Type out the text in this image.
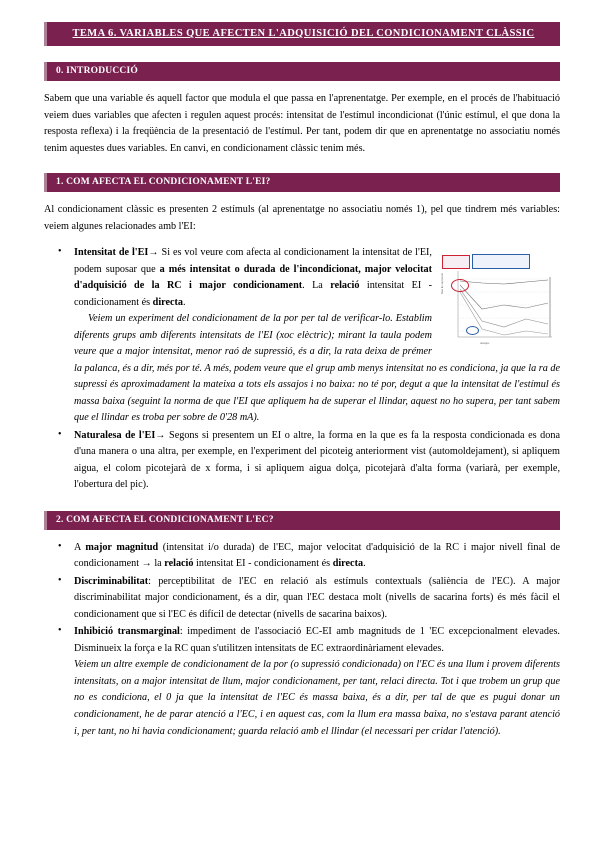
TEMA 6. VARIABLES QUE AFECTEN L'ADQUISICIÓ DEL CONDICIONAMENT CLÀSSIC
0. INTRODUCCIÓ

Sabem que una variable és aquell factor que modula el que passa en l'aprenentatge. Per exemple, en el procés de l'habituació veiem dues variables que afecten i regulen aquest procés: intensitat de l'estímul incondicionat (l'únic estímul, el que dona la resposta reflexa) i la freqüència de la presentació de l'estímul. Per tant, podem dir que en aprenentatge no associatiu només tenim aquestes dues variables. En canvi, en condicionament clàssic tenim més.

1. COM AFECTA EL CONDICIONAMENT L'EI?

Al condicionament clàssic es presenten 2 estímuls (al aprenentatge no associatiu només 1), pel que tindrem més variables: veiem algunes relacionades amb l'EI:

• Raó de supressió
Assajos
Intensitat de l'EI→ Si es vol veure com afecta al condicionament la intensitat de l'EI, podem suposar que a més intensitat o durada de l'incondicionat, major velocitat d'adquisició de la RC i major condicionament. La relació intensitat EI - condicionament és directa.
Veiem un experiment del condicionament de la por per tal de verificar-lo. Establim diferents grups amb diferents intensitats de l'EI (xoc elèctric); mirant la taula podem veure que a major intensitat, menor raó de supressió, és a dir, la rata deixa de prémer la palanca, és a dir, més por té. A més, podem veure que el grup amb menys intensitat no es condiciona, ja que la ra de supressi és aproximadament la mateixa a tots els assajos i no baixa: no té por, degut a que la intensitat de l'estímul és massa baixa (seguint la norma de que l'EI que apliquem ha de superar el llindar, aquest no ho supera, per tant sabem que el llindar es troba per sobre de 0'28 mA).
• Naturalesa de l'EI→ Segons si presentem un EI o altre, la forma en la que es fa la resposta condicionada es dona d'una manera o una altra, per exemple, en l'experiment del picoteig anteriorment vist (automoldejament), si apliquem aigua, el colom picotejarà de x forma, i si apliquem aigua dolça, picotejarà d'alta forma (variarà, per exemple, l'obertura del pic).
2. COM AFECTA EL CONDICIONAMENT L'EC?
• A major magnitud (intensitat i/o durada) de l'EC, major velocitat d'adquisició de la RC i major nivell final de condicionament → la relació intensitat EI - condicionament és directa.
• Discriminabilitat: perceptibilitat de l'EC en relació als estímuls contextuals (saliència de l'EC). A major discriminabilitat major condicionament, és a dir, quan l'EC destaca molt (nivells de sacarina forts) és més fàcil el condicionament que si l'EC és difícil de detectar (nivells de sacarina baixos).
• Inhibició transmarginal: impediment de l'associació EC-EI amb magnituds de 1 'EC excepcionalment elevades. Disminueix la força e la RC quan s'utilitzen intensitats de EC extraordinàriament elevades.
Veiem un altre exemple de condicionament de la por (o supressió condicionada) on l'EC és una llum i provem diferents intensitats, on a major intensitat de llum, major condicionament, per tant, relaci directa. Tot i que trobem un grup que no es condiciona, el 0 ja que la intensitat de l'EC és massa baixa, és a dir, per tal de que es pugui donar un condicionament, he de parar atenció a l'EC, i en aquest cas, com la llum era massa baixa, no s'estava parant atenció i, per tant, no hi havia condicionament; guarda relació amb el llindar (el necessari per cridar l'atenció).
